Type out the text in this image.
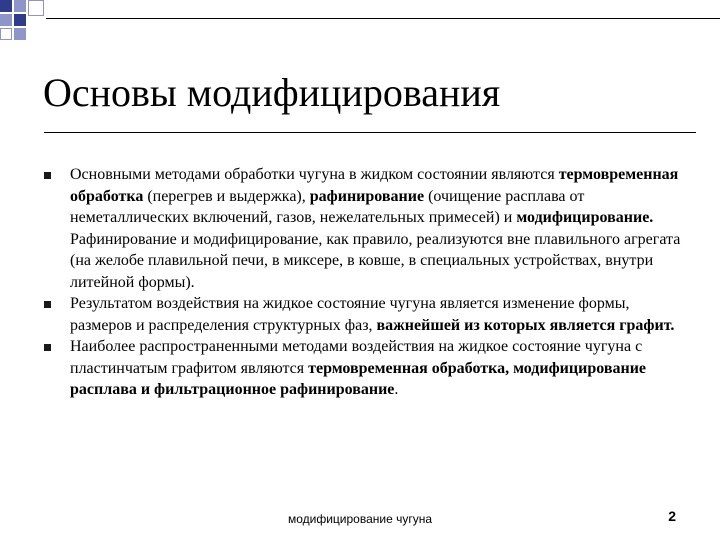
Основы модифицирования
Основными методами обработки чугуна в жидком состоянии являются термовременная обработка (перегрев и выдержка), рафинирование (очищение расплава от неметаллических включений, газов, нежелательных примесей) и модифицирование. Рафинирование и модифицирование, как правило, реализуются вне плавильного агрегата (на желобе плавильной печи, в миксере, в ковше, в специальных устройствах, внутри литейной формы).
Результатом воздействия на жидкое состояние чугуна является изменение формы, размеров и распределения структурных фаз, важнейшей из которых является графит.
Наиболее распространенными методами воздействия на жидкое состояние чугуна с пластинчатым графитом являются термовременная обработка, модифицирование расплава и фильтрационное рафинирование.
модифицирование чугуна	2
